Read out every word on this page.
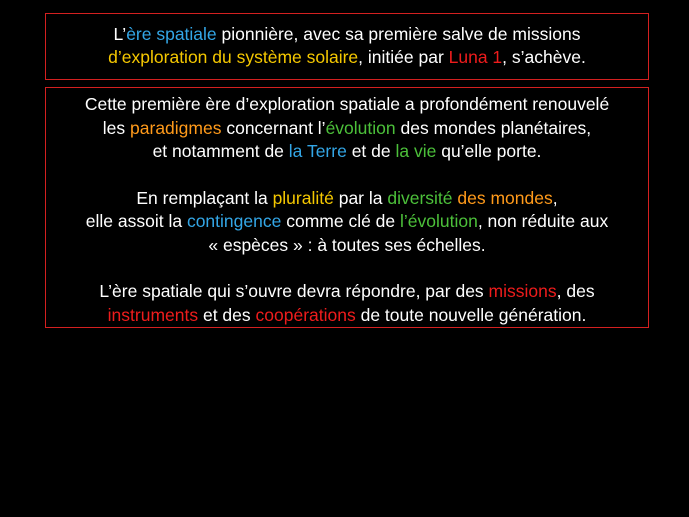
L’ère spatiale pionnière, avec sa première salve de missions
d’exploration du système solaire, initiée par Luna 1, s’achève.
Cette première ère d’exploration spatiale a profondément renouvelé
les paradigmes concernant l’évolution des mondes planétaires,
et notamment de la Terre et de la vie qu’elle porte.
En remplaçant la pluralité par la diversité des mondes,
elle assoit la contingence comme clé de l’évolution, non réduite aux
« espèces » : à toutes ses échelles.
L’ère spatiale qui s’ouvre devra répondre, par des missions, des
instruments et des coopérations de toute nouvelle génération.
